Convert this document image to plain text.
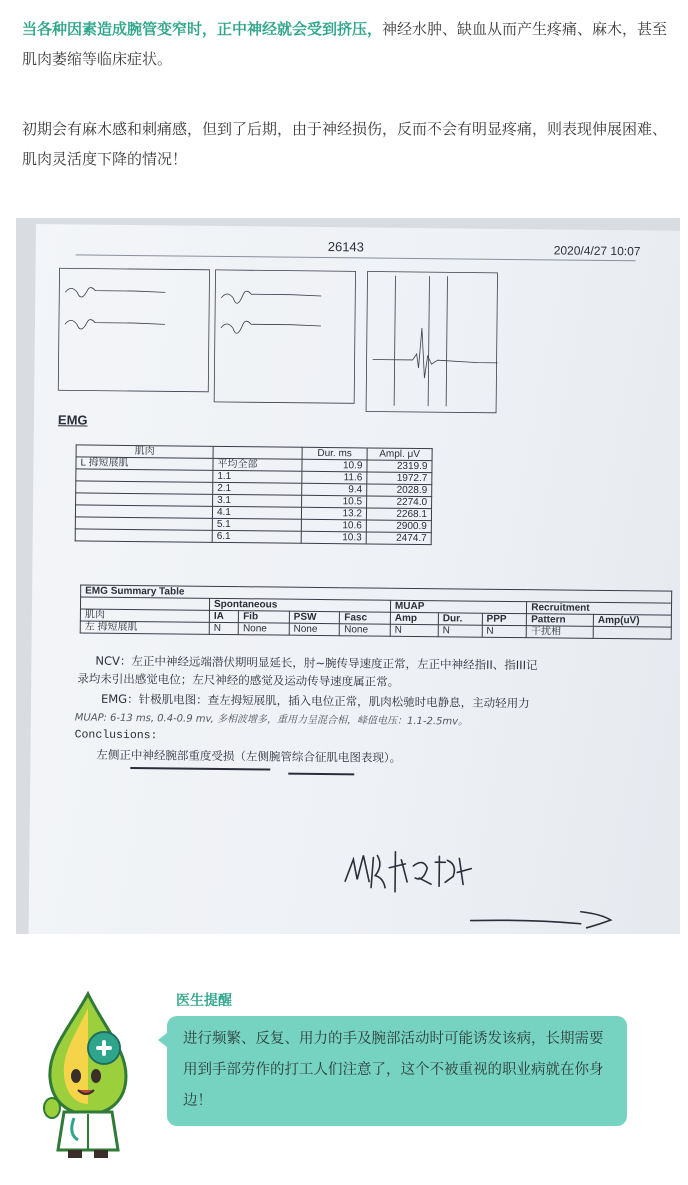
当各种因素造成腕管变窄时，正中神经就会受到挤压，神经水肿、缺血从而产生疼痛、麻木，甚至肌肉萎缩等临床症状。
初期会有麻木感和刺痛感，但到了后期，由于神经损伤，反而不会有明显疼痛，则表现伸展困难、肌肉灵活度下降的情况！
26143	2020/4/27 10:07
EMG
肌肉		Dur. ms	Ampl. μV
L 拇短展肌	平均全部	10.9	2319.9
	1.1	11.6	1972.7
	2.1	9.4	2028.9
	3.1	10.5	2274.0
	4.1	13.2	2268.1
	5.1	10.6	2900.9
	6.1	10.3	2474.7
EMG Summary Table									
	Spontaneous				MUAP			Recruitment	
肌肉	IA	Fib	PSW	Fasc	Amp	Dur.	PPP	Pattern	Amp(uV)
左 拇短展肌	N	None	None	None	N	N	N	干扰相	
NCV：左正中神经远端潜伏期明显延长，肘~腕传导速度正常，左正中神经指II、指III记
录均未引出感觉电位；左尺神经的感觉及运动传导速度属正常。
EMG：针极肌电图：查左拇短展肌，插入电位正常，肌肉松驰时电静息，主动轻用力
MUAP: 6-13 ms, 0.4-0.9 mv, 多相波增多，重用力呈混合相，峰值电压：1.1-2.5mv。
Conclusions:
左侧正中神经腕部重度受损（左侧腕管综合征肌电图表现）。
双侧腕管综合征
医生提醒
进行频繁、反复、用力的手及腕部活动时可能诱发该病，长期需要用到手部劳作的打工人们注意了，这个不被重视的职业病就在你身边！
